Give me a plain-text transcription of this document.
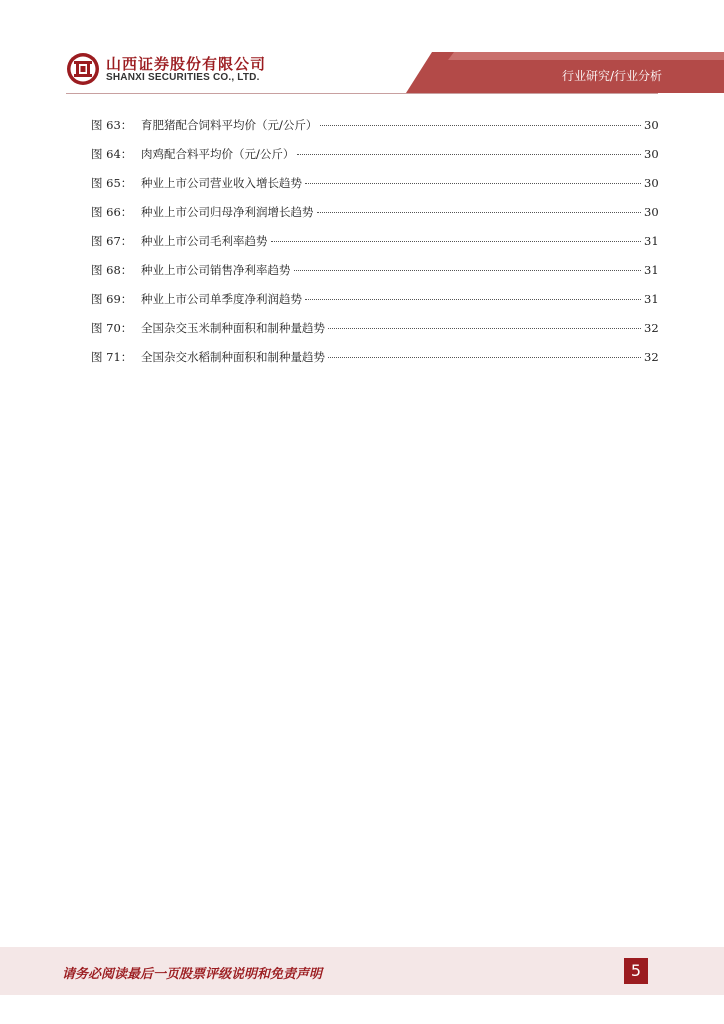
山西证券股份有限公司
SHANXI SECURITIES CO., LTD.	行业研究/行业分析
图 63： 育肥猪配合饲料平均价（元/公斤）	30
图 64： 肉鸡配合料平均价（元/公斤）	30
图 65： 种业上市公司营业收入增长趋势	30
图 66： 种业上市公司归母净利润增长趋势	30
图 67： 种业上市公司毛利率趋势	31
图 68： 种业上市公司销售净利率趋势	31
图 69： 种业上市公司单季度净利润趋势	31
图 70： 全国杂交玉米制种面积和制种量趋势	32
图 71： 全国杂交水稻制种面积和制种量趋势	32
请务必阅读最后一页股票评级说明和免责声明	5
